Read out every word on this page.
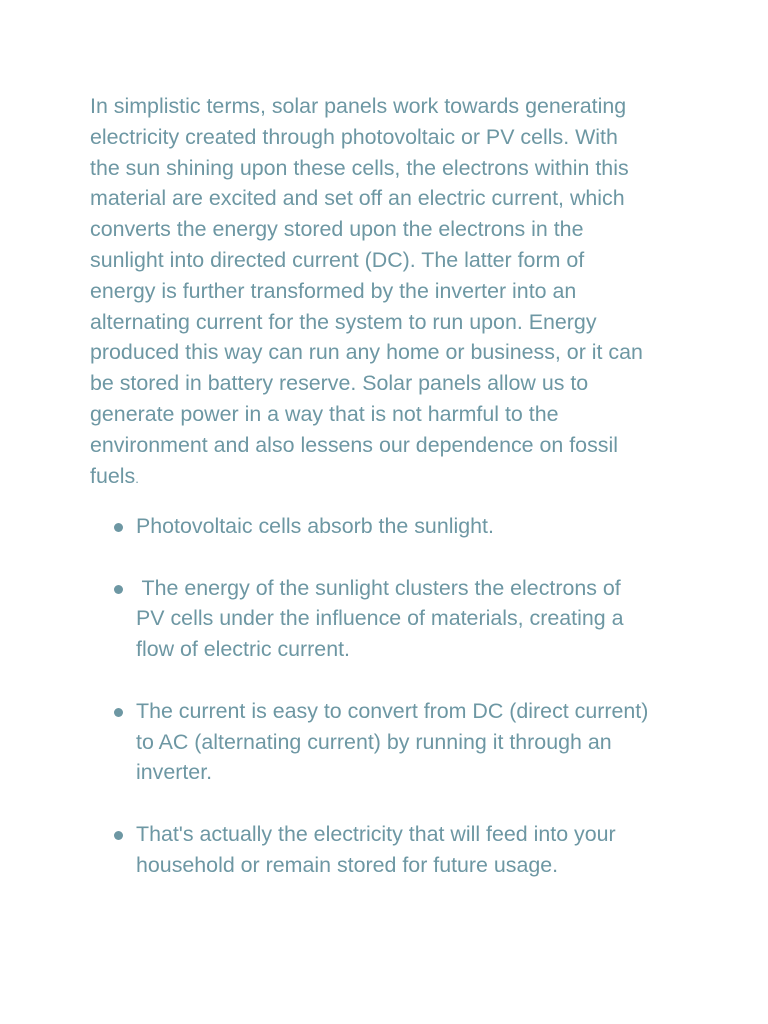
In simplistic terms, solar panels work towards generating
electricity created through photovoltaic or PV cells. With
the sun shining upon these cells, the electrons within this
material are excited and set off an electric current, which
converts the energy stored upon the electrons in the
sunlight into directed current (DC). The latter form of
energy is further transformed by the inverter into an
alternating current for the system to run upon. Energy
produced this way can run any home or business, or it can
be stored in battery reserve. Solar panels allow us to
generate power in a way that is not harmful to the
environment and also lessens our dependence on fossil
fuels.

Photovoltaic cells absorb the sunlight.
The energy of the sunlight clusters the electrons of
PV cells under the influence of materials, creating a
flow of electric current.
The current is easy to convert from DC (direct current)
to AC (alternating current) by running it through an
inverter.
That's actually the electricity that will feed into your
household or remain stored for future usage.
